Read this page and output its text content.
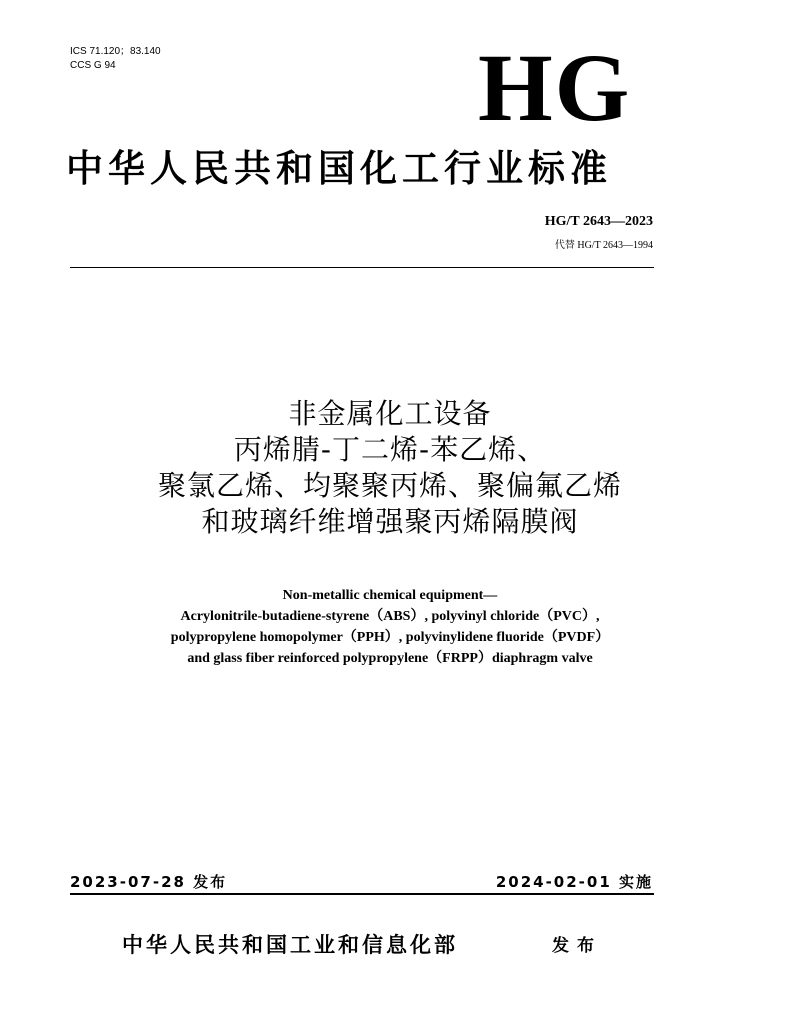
ICS 71.120；83.140
CCS G 94	HG
中华人民共和国化工行业标准
HG/T 2643—2023
代替 HG/T 2643—1994
非金属化工设备
丙烯腈-丁二烯-苯乙烯、
聚氯乙烯、均聚聚丙烯、聚偏氟乙烯
和玻璃纤维增强聚丙烯隔膜阀
Non-metallic chemical equipment—
Acrylonitrile-butadiene-styrene（ABS）, polyvinyl chloride（PVC）,
polypropylene homopolymer（PPH）, polyvinylidene fluoride（PVDF）
and glass fiber reinforced polypropylene（FRPP）diaphragm valve
2023-07-28 发布	2024-02-01 实施
中华人民共和国工业和信息化部	发布
